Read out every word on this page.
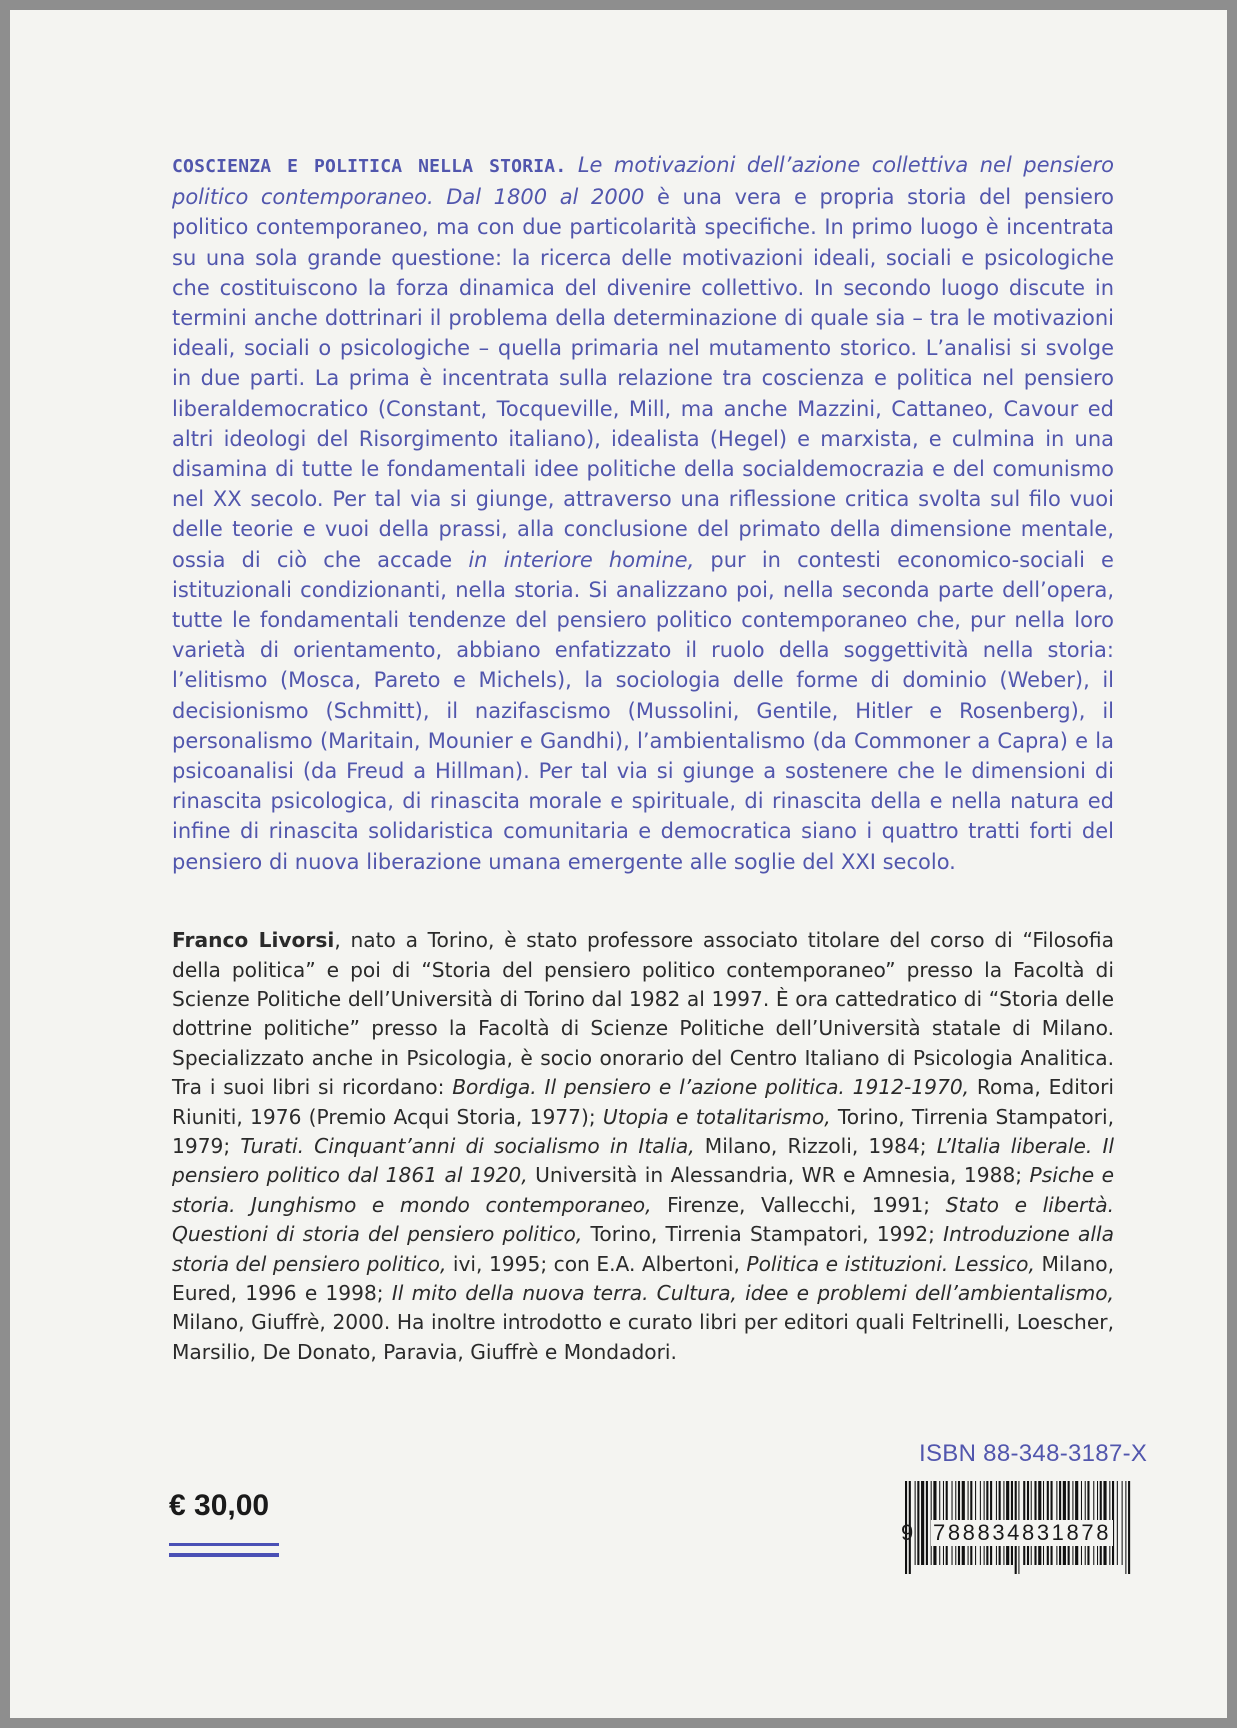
COSCIENZA E POLITICA NELLA STORIA. Le motivazioni dell’azione collettiva nel pensiero politico contemporaneo. Dal 1800 al 2000 è una vera e propria storia del pensiero politico contemporaneo, ma con due particolarità specifiche. In primo luogo è incentrata su una sola grande questione: la ricerca delle motivazioni ideali, sociali e psicologiche che costituiscono la forza dinamica del divenire collettivo. In secondo luogo discute in termini anche dottrinari il problema della determinazione di quale sia – tra le motivazioni ideali, sociali o psicologiche – quella primaria nel mutamento storico. L’analisi si svolge in due parti. La prima è incentrata sulla relazione tra coscienza e politica nel pensiero liberaldemocratico (Constant, Tocqueville, Mill, ma anche Mazzini, Cattaneo, Cavour ed altri ideologi del Risorgimento italiano), idealista (Hegel) e marxista, e culmina in una disamina di tutte le fondamentali idee politiche della socialdemocrazia e del comunismo nel XX secolo. Per tal via si giunge, attraverso una riflessione critica svolta sul filo vuoi delle teorie e vuoi della prassi, alla conclusione del primato della dimensione mentale, ossia di ciò che accade in interiore homine, pur in contesti economico-sociali e istituzionali condizionanti, nella storia. Si analizzano poi, nella seconda parte dell’opera, tutte le fondamentali tendenze del pensiero politico contemporaneo che, pur nella loro varietà di orientamento, abbiano enfatizzato il ruolo della soggettività nella storia: l’elitismo (Mosca, Pareto e Michels), la sociologia delle forme di dominio (Weber), il decisionismo (Schmitt), il nazifascismo (Mussolini, Gentile, Hitler e Rosenberg), il personalismo (Maritain, Mounier e Gandhi), l’ambientalismo (da Commoner a Capra) e la psicoanalisi (da Freud a Hillman). Per tal via si giunge a sostenere che le dimensioni di rinascita psicologica, di rinascita morale e spirituale, di rinascita della e nella natura ed infine di rinascita solidaristica comunitaria e democratica siano i quattro tratti forti del pensiero di nuova liberazione umana emergente alle soglie del XXI secolo.

Franco Livorsi, nato a Torino, è stato professore associato titolare del corso di “Filosofia della politica” e poi di “Storia del pensiero politico contemporaneo” presso la Facoltà di Scienze Politiche dell’Università di Torino dal 1982 al 1997. È ora cattedratico di “Storia delle dottrine politiche” presso la Facoltà di Scienze Politiche dell’Università statale di Milano. Specializzato anche in Psicologia, è socio onorario del Centro Italiano di Psicologia Analitica. Tra i suoi libri si ricordano: Bordiga. Il pensiero e l’azione politica. 1912-1970, Roma, Editori Riuniti, 1976 (Premio Acqui Storia, 1977); Utopia e totalitarismo, Torino, Tirrenia Stampatori, 1979; Turati. Cinquant’anni di socialismo in Italia, Milano, Rizzoli, 1984; L’Italia liberale. Il pensiero politico dal 1861 al 1920, Università in Alessandria, WR e Amnesia, 1988; Psiche e storia. Junghismo e mondo contemporaneo, Firenze, Vallecchi, 1991; Stato e libertà. Questioni di storia del pensiero politico, Torino, Tirrenia Stampatori, 1992; Introduzione alla storia del pensiero politico, ivi, 1995; con E.A. Albertoni, Politica e istituzioni. Lessico, Milano, Eured, 1996 e 1998; Il mito della nuova terra. Cultura, idee e problemi dell’ambientalismo, Milano, Giuffrè, 2000. Ha inoltre introdotto e curato libri per editori quali Feltrinelli, Loescher, Marsilio, De Donato, Paravia, Giuffrè e Mondadori.

ISBN 88-348-3187-X
9 788834831878
€ 30,00
